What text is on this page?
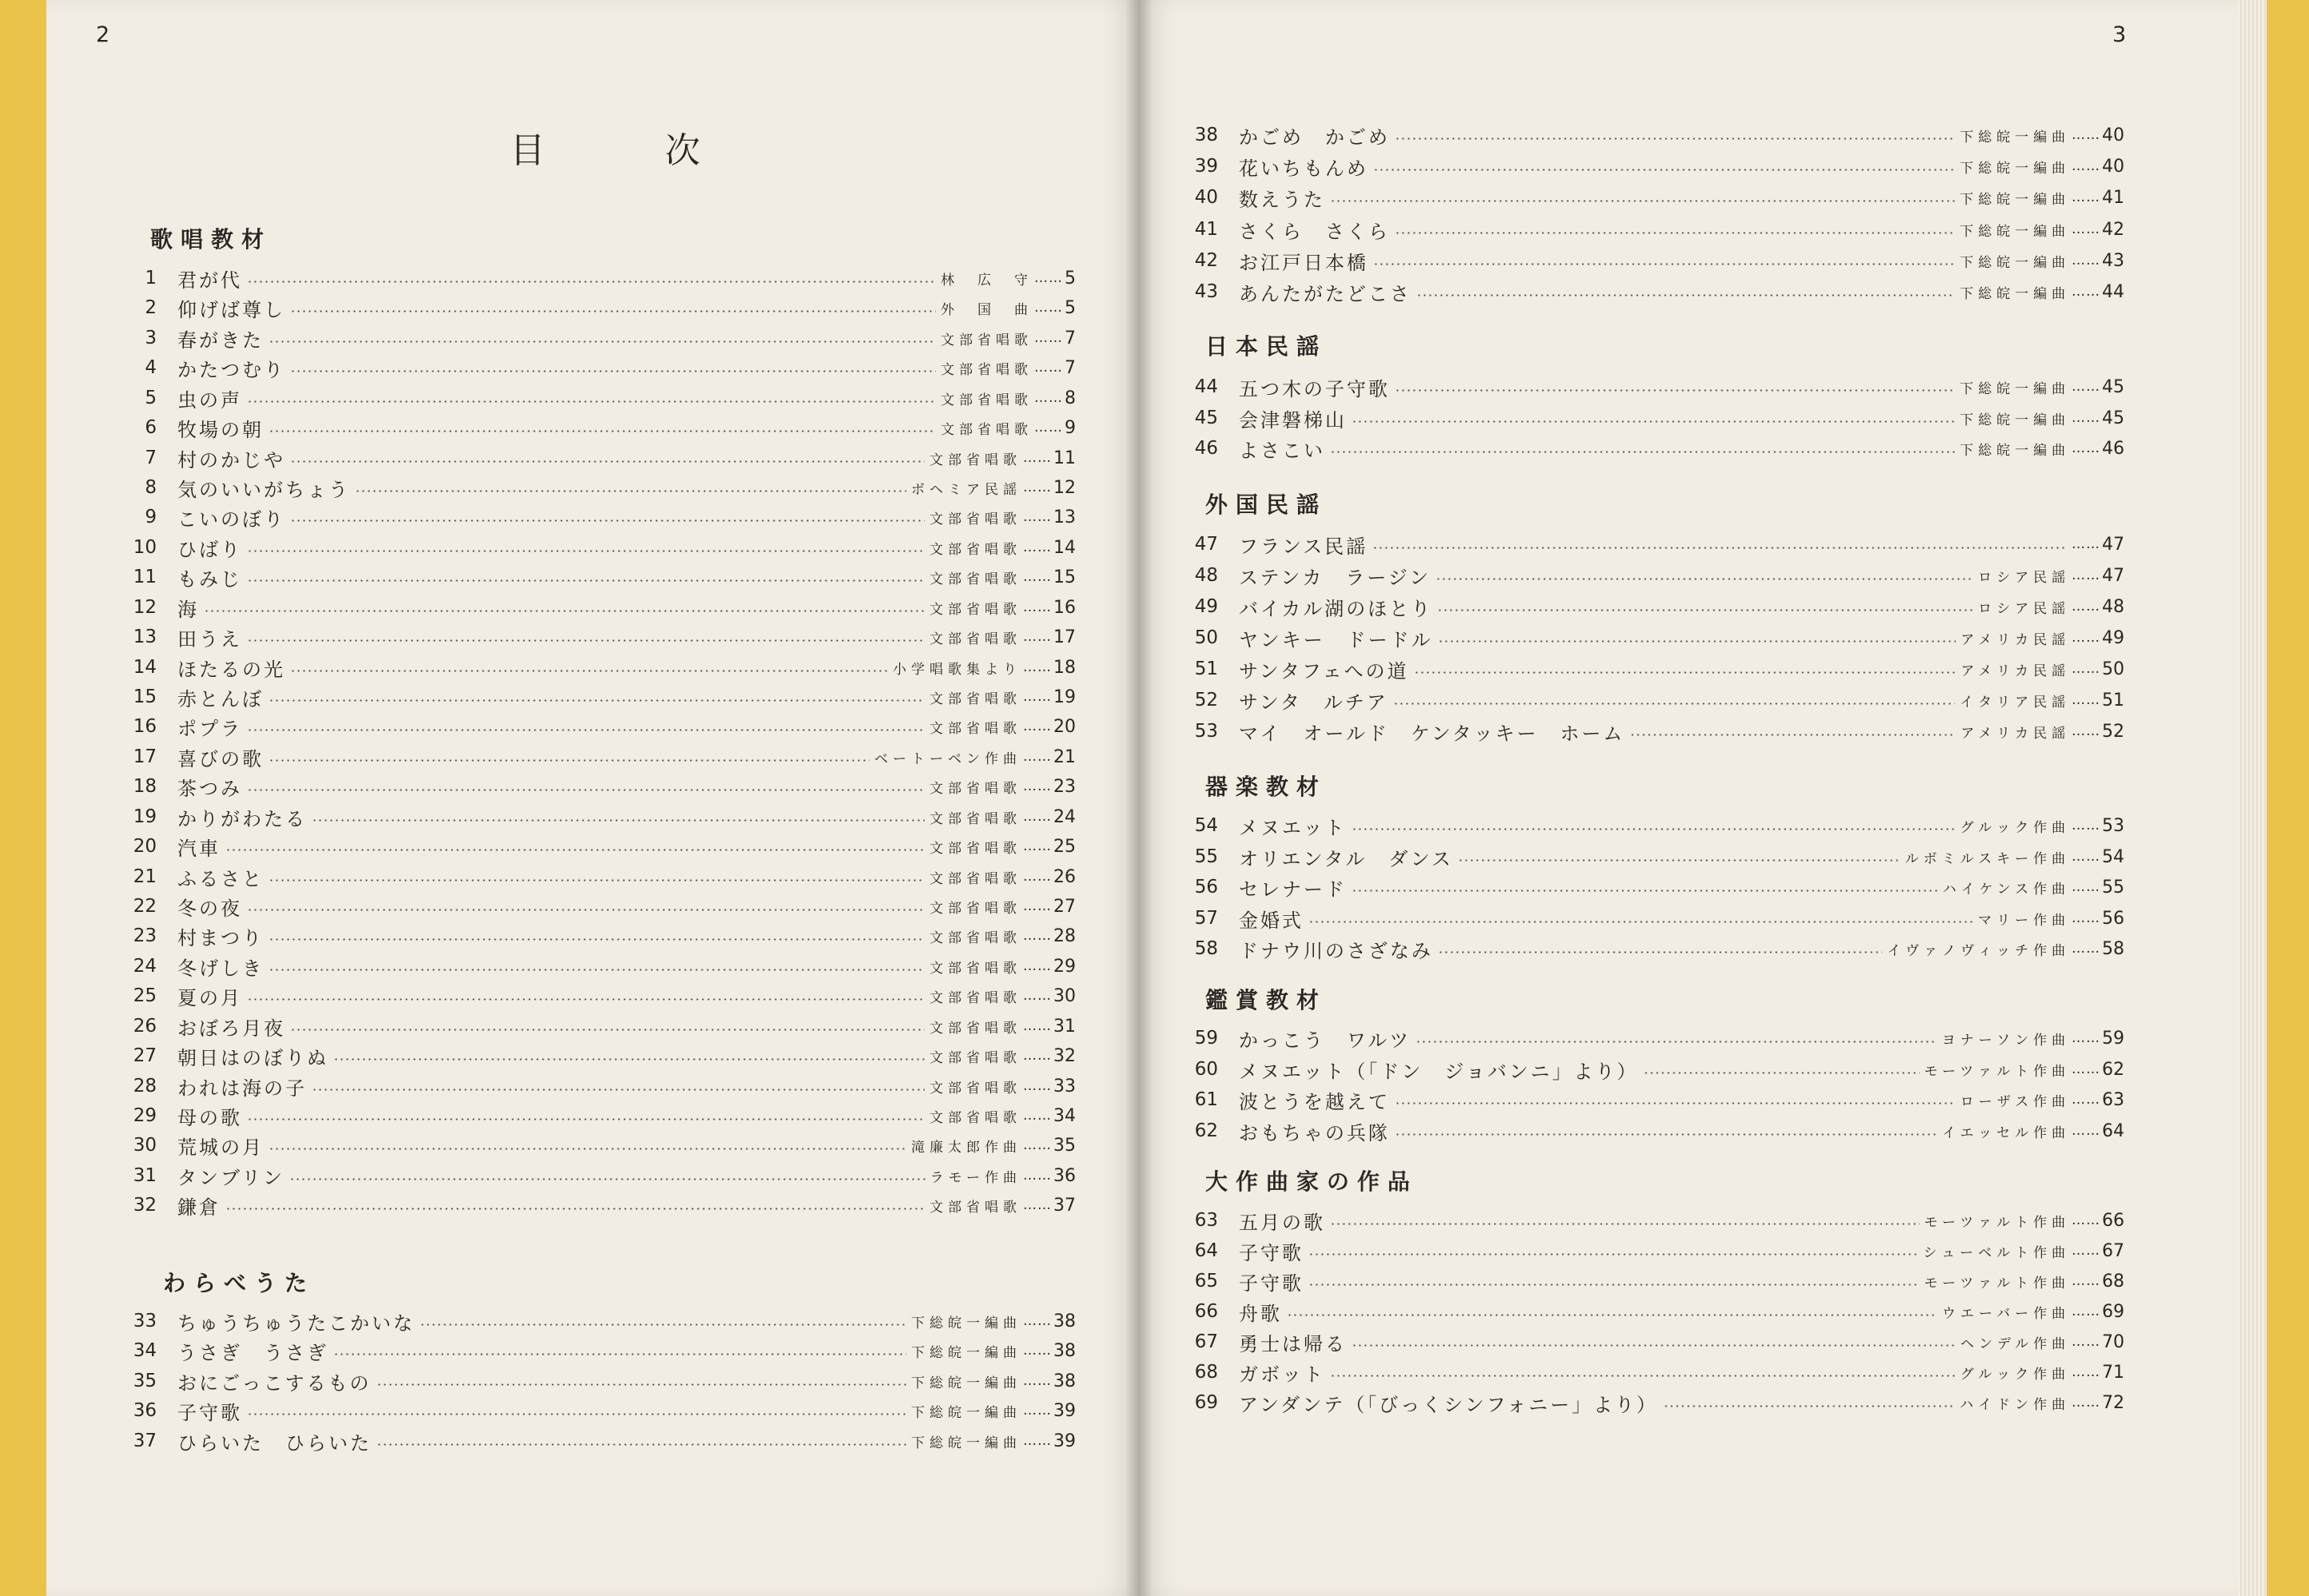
2	3
目次
歌唱教材
1 君が代	林　広　守 …… 5
2 仰げば尊し	外　国　曲 …… 5
3 春がきた	文部省唱歌 …… 7
4 かたつむり	文部省唱歌 …… 7
5 虫の声	文部省唱歌 …… 8
6 牧場の朝	文部省唱歌 …… 9
7 村のかじや	文部省唱歌 …… 11
8 気のいいがちょう	ボヘミア民謡 …… 12
9 こいのぼり	文部省唱歌 …… 13
10 ひばり	文部省唱歌 …… 14
11 もみじ	文部省唱歌 …… 15
12 海	文部省唱歌 …… 16
13 田うえ	文部省唱歌 …… 17
14 ほたるの光	小学唱歌集より …… 18
15 赤とんぼ	文部省唱歌 …… 19
16 ポプラ	文部省唱歌 …… 20
17 喜びの歌	ベートーベン作曲 …… 21
18 茶つみ	文部省唱歌 …… 23
19 かりがわたる	文部省唱歌 …… 24
20 汽車	文部省唱歌 …… 25
21 ふるさと	文部省唱歌 …… 26
22 冬の夜	文部省唱歌 …… 27
23 村まつり	文部省唱歌 …… 28
24 冬げしき	文部省唱歌 …… 29
25 夏の月	文部省唱歌 …… 30
26 おぼろ月夜	文部省唱歌 …… 31
27 朝日はのぼりぬ	文部省唱歌 …… 32
28 われは海の子	文部省唱歌 …… 33
29 母の歌	文部省唱歌 …… 34
30 荒城の月	滝廉太郎作曲 …… 35
31 タンブリン	ラモー作曲 …… 36
32 鎌倉	文部省唱歌 …… 37
わらべうた
33 ちゅうちゅうたこかいな	下総皖一編曲 …… 38
34 うさぎ　うさぎ	下総皖一編曲 …… 38
35 おにごっこするもの	下総皖一編曲 …… 38
36 子守歌	下総皖一編曲 …… 39
37 ひらいた　ひらいた	下総皖一編曲 …… 39
38 かごめ　かごめ	下総皖一編曲 …… 40
39 花いちもんめ	下総皖一編曲 …… 40
40 数えうた	下総皖一編曲 …… 41
41 さくら　さくら	下総皖一編曲 …… 42
42 お江戸日本橋	下総皖一編曲 …… 43
43 あんたがたどこさ	下総皖一編曲 …… 44
日本民謡
44 五つ木の子守歌	下総皖一編曲 …… 45
45 会津磐梯山	下総皖一編曲 …… 45
46 よさこい	下総皖一編曲 …… 46
外国民謡
47 フランス民謡	…… 47
48 ステンカ　ラージン	ロシア民謡 …… 47
49 バイカル湖のほとり	ロシア民謡 …… 48
50 ヤンキー　ドードル	アメリカ民謡 …… 49
51 サンタフェへの道	アメリカ民謡 …… 50
52 サンタ　ルチア	イタリア民謡 …… 51
53 マイ　オールド　ケンタッキー　ホーム	アメリカ民謡 …… 52
器楽教材
54 メヌエット	グルック作曲 …… 53
55 オリエンタル　ダンス	ルボミルスキー作曲 …… 54
56 セレナード	ハイケンス作曲 …… 55
57 金婚式	マリー作曲 …… 56
58 ドナウ川のさざなみ	イヴァノヴィッチ作曲 …… 58
鑑賞教材
59 かっこう　ワルツ	ヨナーソン作曲 …… 59
60 メヌエット（「ドン　ジョバンニ」より）	モーツァルト作曲 …… 62
61 波とうを越えて	ローザス作曲 …… 63
62 おもちゃの兵隊	イエッセル作曲 …… 64
大作曲家の作品
63 五月の歌	モーツァルト作曲 …… 66
64 子守歌	シューベルト作曲 …… 67
65 子守歌	モーツァルト作曲 …… 68
66 舟歌	ウエーバー作曲 …… 69
67 勇士は帰る	ヘンデル作曲 …… 70
68 ガボット	グルック作曲 …… 71
69 アンダンテ（「びっくシンフォニー」より）	ハイドン作曲 …… 72
